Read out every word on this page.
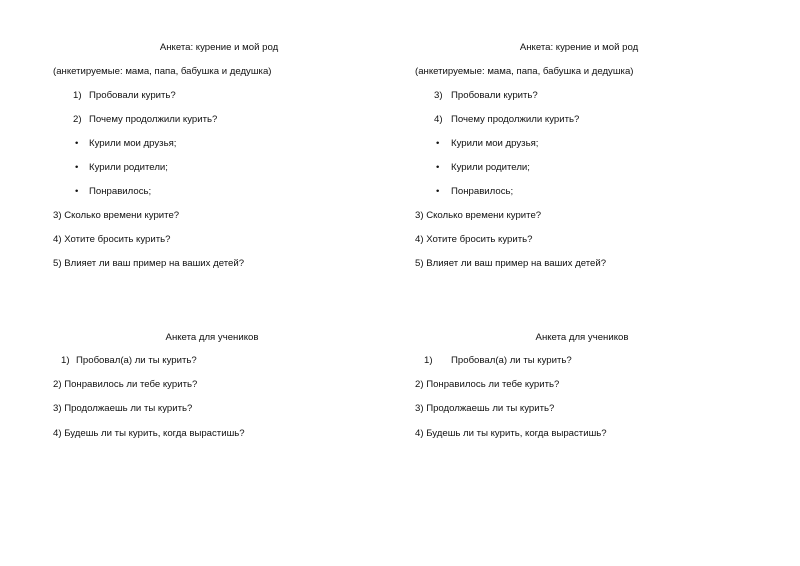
Анкета: курение и мой род
(анкетируемые: мама, папа, бабушка и дедушка)
1) Пробовали курить?
2) Почему продолжили курить?
• Курили мои друзья;
• Курили родители;
• Понравилось;
3) Сколько времени курите?
4) Хотите бросить курить?
5) Влияет ли ваш пример на ваших детей?
Анкета для учеников
1) Пробовал(а) ли ты курить?
2) Понравилось ли тебе курить?
3) Продолжаешь ли ты курить?
4) Будешь ли ты курить, когда вырастишь?
Анкета: курение и мой род
(анкетируемые: мама, папа, бабушка и дедушка)
3) Пробовали курить?
4) Почему продолжили курить?
• Курили мои друзья;
• Курили родители;
• Понравилось;
3) Сколько времени курите?
4) Хотите бросить курить?
5) Влияет ли ваш пример на ваших детей?
Анкета для учеников
1) Пробовал(а) ли ты курить?
2) Понравилось ли тебе курить?
3) Продолжаешь ли ты курить?
4) Будешь ли ты курить, когда вырастишь?
